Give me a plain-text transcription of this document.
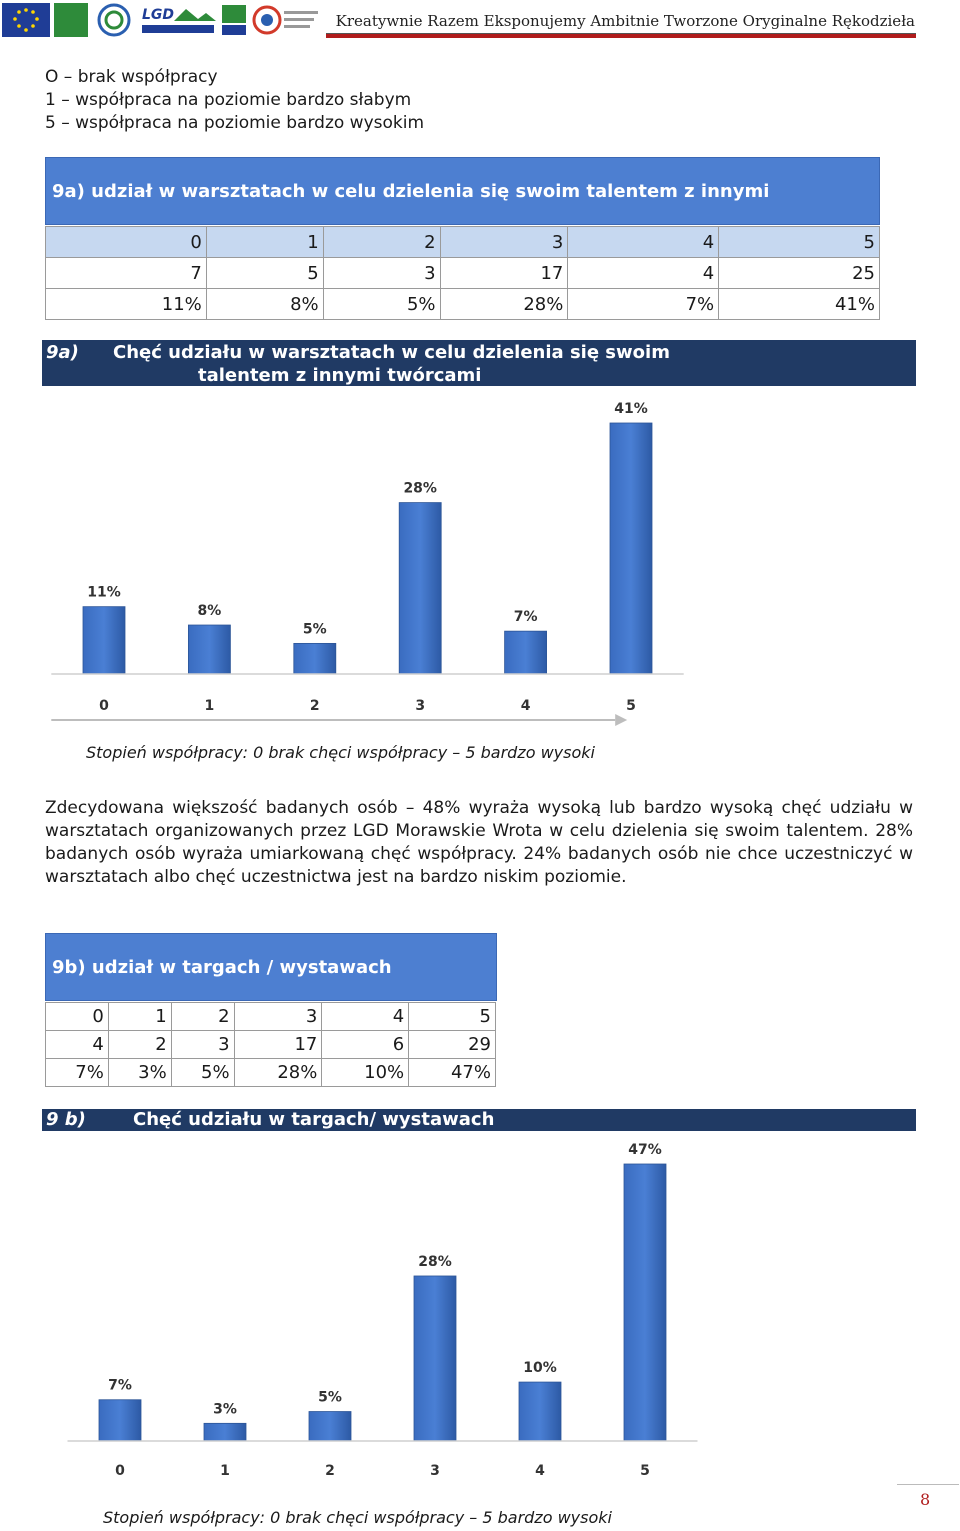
LGD	Kreatywnie Razem Eksponujemy Ambitnie Tworzone Oryginalne Rękodzieła
O – brak współpracy
1 – współpraca na poziomie bardzo słabym
5 – współpraca na poziomie bardzo wysokim
9a) udział w warsztatach w celu dzielenia się swoim talentem z innymi
0	1	2	3	4	5
7	5	3	17	4	25
11%	8%	5%	28%	7%	41%
9a) Chęć udziału w warsztatach w celu dzielenia się swoim
talentem z innymi twórcami
11%
0
8%
1
5%
2
28%
3
7%
4
41%
5
Stopień współpracy: 0 brak chęci współpracy – 5 bardzo wysoki
Zdecydowana większość badanych osób – 48% wyraża wysoką lub bardzo wysoką chęć udziału w warsztatach organizowanych przez LGD Morawskie Wrota w celu dzielenia się swoim talentem. 28% badanych osób wyraża umiarkowaną chęć współpracy. 24% badanych osób nie chce uczestniczyć w warsztatach albo chęć uczestnictwa jest na bardzo niskim poziomie.
9b) udział w targach / wystawach
0	1	2	3	4	5
4	2	3	17	6	29
7%	3%	5%	28%	10%	47%
9 b)	Chęć udziału w targach/ wystawach
7%
0
3%
1
5%
2
28%
3
10%
4
47%
5
Stopień współpracy: 0 brak chęci współpracy – 5 bardzo wysoki
8
